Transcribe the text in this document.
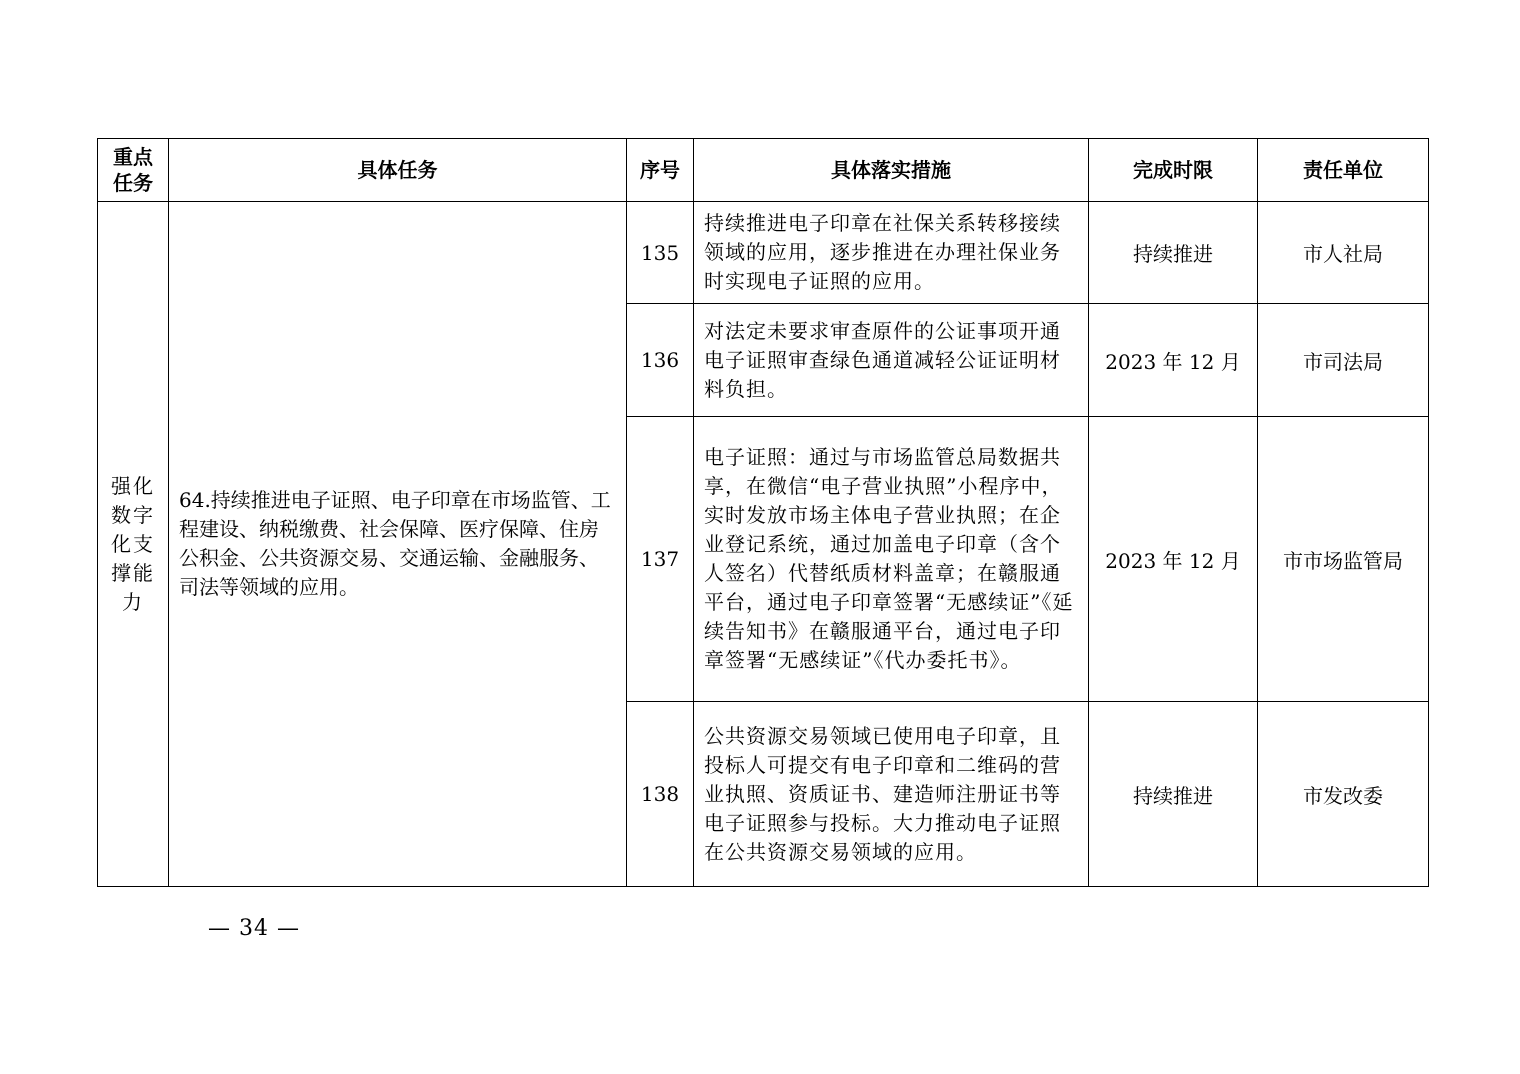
重点任务	具体任务	序号	具体落实措施	完成时限	责任单位
强化数字化支撑能力	64.持续推进电子证照、电子印章在市场监管、工程建设、纳税缴费、社会保障、医疗保障、住房公积金、公共资源交易、交通运输、金融服务、司法等领域的应用。	135	持续推进电子印章在社保关系转移接续领域的应用，逐步推进在办理社保业务时实现电子证照的应用。	持续推进	市人社局
		136	对法定未要求审查原件的公证事项开通电子证照审查绿色通道减轻公证证明材料负担。	2023 年 12 月	市司法局
		137	电子证照：通过与市场监管总局数据共享，在微信“电子营业执照”小程序中，实时发放市场主体电子营业执照；在企业登记系统，通过加盖电子印章（含个人签名）代替纸质材料盖章；在赣服通平台，通过电子印章签署“无感续证”《延续告知书》在赣服通平台，通过电子印章签署“无感续证”《代办委托书》。	2023 年 12 月	市市场监管局
		138	公共资源交易领域已使用电子印章，且投标人可提交有电子印章和二维码的营业执照、资质证书、建造师注册证书等电子证照参与投标。大力推动电子证照在公共资源交易领域的应用。	持续推进	市发改委
— 34 —
